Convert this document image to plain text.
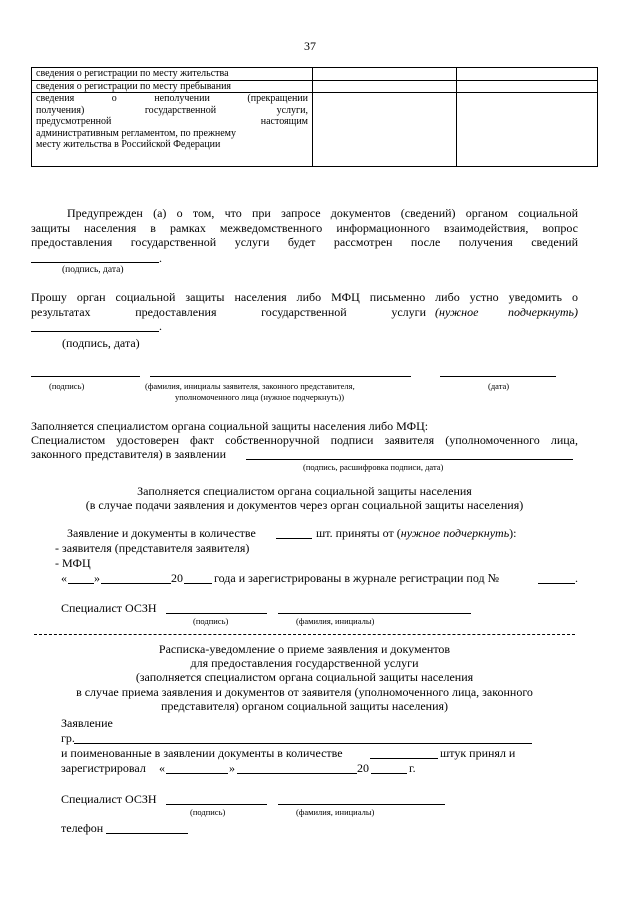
37
сведения о регистрации по месту жительства		
сведения о регистрации по месту пребывания		

сведения о неполучении (прекращении
получения) государственной услуги,
предусмотренной настоящим
административным регламентом, по прежнему
месту жительства в Российской Федерации		

Предупрежден (а) о том, что при запросе документов (сведений) органом социальной
защиты населения в рамках межведомственного информационного взаимодействия, вопрос
предоставления государственной услуги будет рассмотрен после получения сведений
.
(подпись, дата)
Прошу орган социальной защиты населения либо МФЦ письменно либо устно уведомить о
результатах предоставления государственной услуги (нужное подчеркнуть)
.
(подпись, дата)
(подпись)	(фамилия, инициалы заявителя, законного представителя,
уполномоченного лица (нужное подчеркнуть))
(дата)
Заполняется специалистом органа социальной защиты населения либо МФЦ:
Специалистом удостоверен факт собственноручной подписи заявителя (уполномоченного лица,
законного представителя) в заявлении
(подпись, расшифровка подписи, дата)
Заполняется специалистом органа социальной защиты населения
(в случае подачи заявления и документов через орган социальной защиты населения)
Заявление и документы в количестве	шт. приняты от (нужное подчеркнуть):
- заявителя (представителя заявителя)
- МФЦ
« »	20	года и зарегистрированы в журнале регистрации под №	.
Специалист ОСЗН
(подпись)	(фамилия, инициалы)
Расписка-уведомление о приеме заявления и документов
для предоставления государственной услуги
(заполняется специалистом органа социальной защиты населения
в случае приема заявления и документов от заявителя (уполномоченного лица, законного
представителя) органом социальной защиты населения)
Заявление
гр.
и поименованные в заявлении документы в количестве	штук принял и
зарегистрировал «	»	20	г.
Специалист ОСЗН
(подпись)	(фамилия, инициалы)
телефон
